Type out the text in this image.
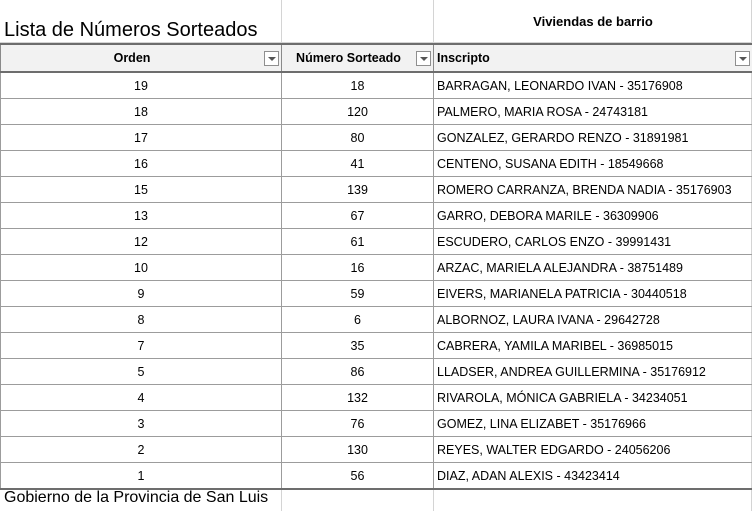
Lista de Números Sorteados	Viviendas de barrio
Orden	Número Sorteado	Inscripto

19	18	BARRAGAN, LEONARDO IVAN - 35176908
18	120	PALMERO, MARIA ROSA - 24743181
17	80	GONZALEZ, GERARDO RENZO - 31891981
16	41	CENTENO, SUSANA EDITH - 18549668
15	139	ROMERO CARRANZA, BRENDA NADIA - 35176903
13	67	GARRO, DEBORA MARILE - 36309906
12	61	ESCUDERO, CARLOS ENZO - 39991431
10	16	ARZAC, MARIELA ALEJANDRA - 38751489
9	59	EIVERS, MARIANELA PATRICIA - 30440518
8	6	ALBORNOZ, LAURA IVANA - 29642728
7	35	CABRERA, YAMILA MARIBEL - 36985015
5	86	LLADSER, ANDREA GUILLERMINA - 35176912
4	132	RIVAROLA, MÓNICA GABRIELA - 34234051
3	76	GOMEZ, LINA ELIZABET - 35176966
2	130	REYES, WALTER EDGARDO - 24056206
1	56	DIAZ, ADAN ALEXIS - 43423414
Gobierno de la Provincia de San Luis
